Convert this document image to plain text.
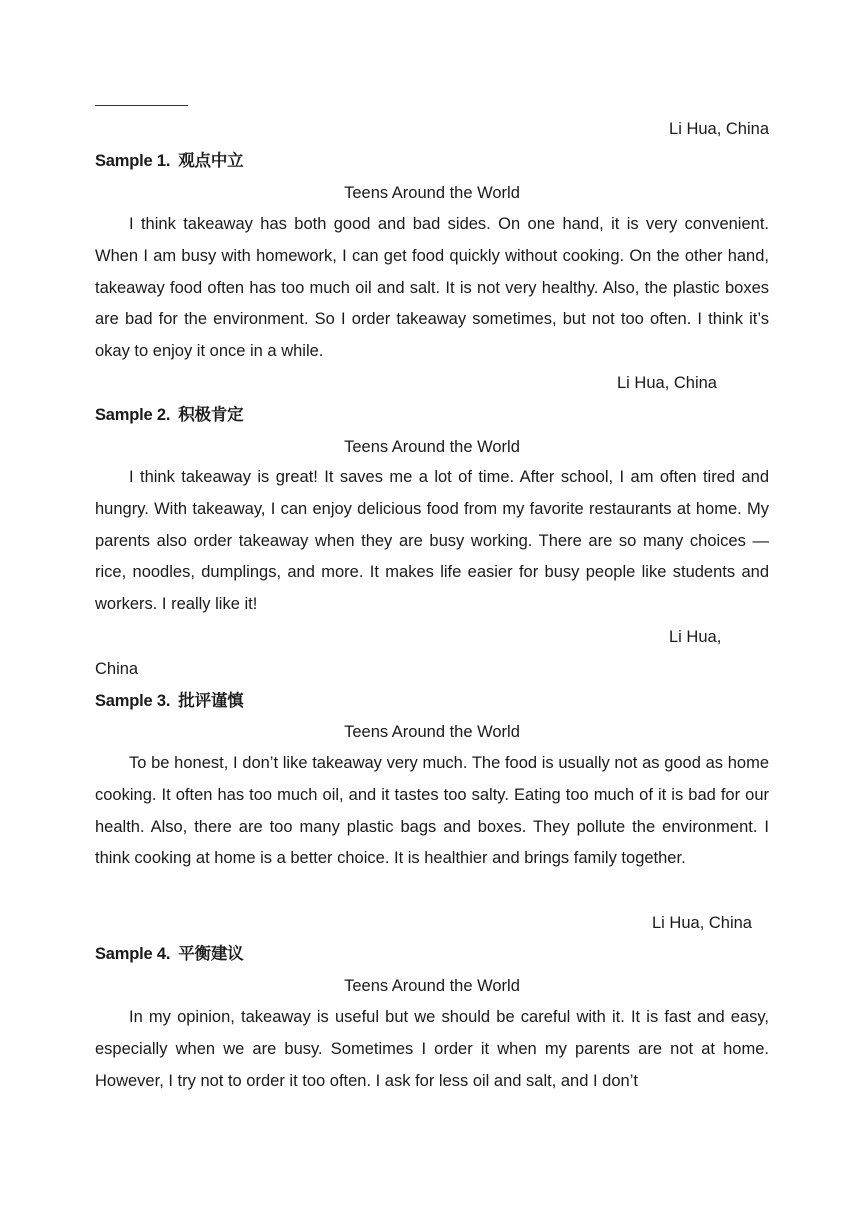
Li Hua, China
Sample 1. 观点中立
Teens Around the World
I think takeaway has both good and bad sides. On one hand, it is very convenient. When I am busy with homework, I can get food quickly without cooking. On the other hand, takeaway food often has too much oil and salt. It is not very healthy. Also, the plastic boxes are bad for the environment. So I order takeaway sometimes, but not too often. I think it’s okay to enjoy it once in a while.
Li Hua, China
Sample 2. 积极肯定
Teens Around the World
I think takeaway is great! It saves me a lot of time. After school, I am often tired and hungry. With takeaway, I can enjoy delicious food from my favorite restaurants at home. My parents also order takeaway when they are busy working. There are so many choices — rice, noodles, dumplings, and more. It makes life easier for busy people like students and workers. I really like it!
Li Hua,
China
Sample 3. 批评谨慎
Teens Around the World
To be honest, I don’t like takeaway very much. The food is usually not as good as home cooking. It often has too much oil, and it tastes too salty. Eating too much of it is bad for our health. Also, there are too many plastic bags and boxes. They pollute the environment. I think cooking at home is a better choice. It is healthier and brings family together.
Li Hua, China
Sample 4. 平衡建议
Teens Around the World
In my opinion, takeaway is useful but we should be careful with it. It is fast and easy, especially when we are busy. Sometimes I order it when my parents are not at home. However, I try not to order it too often. I ask for less oil and salt, and I don’t
